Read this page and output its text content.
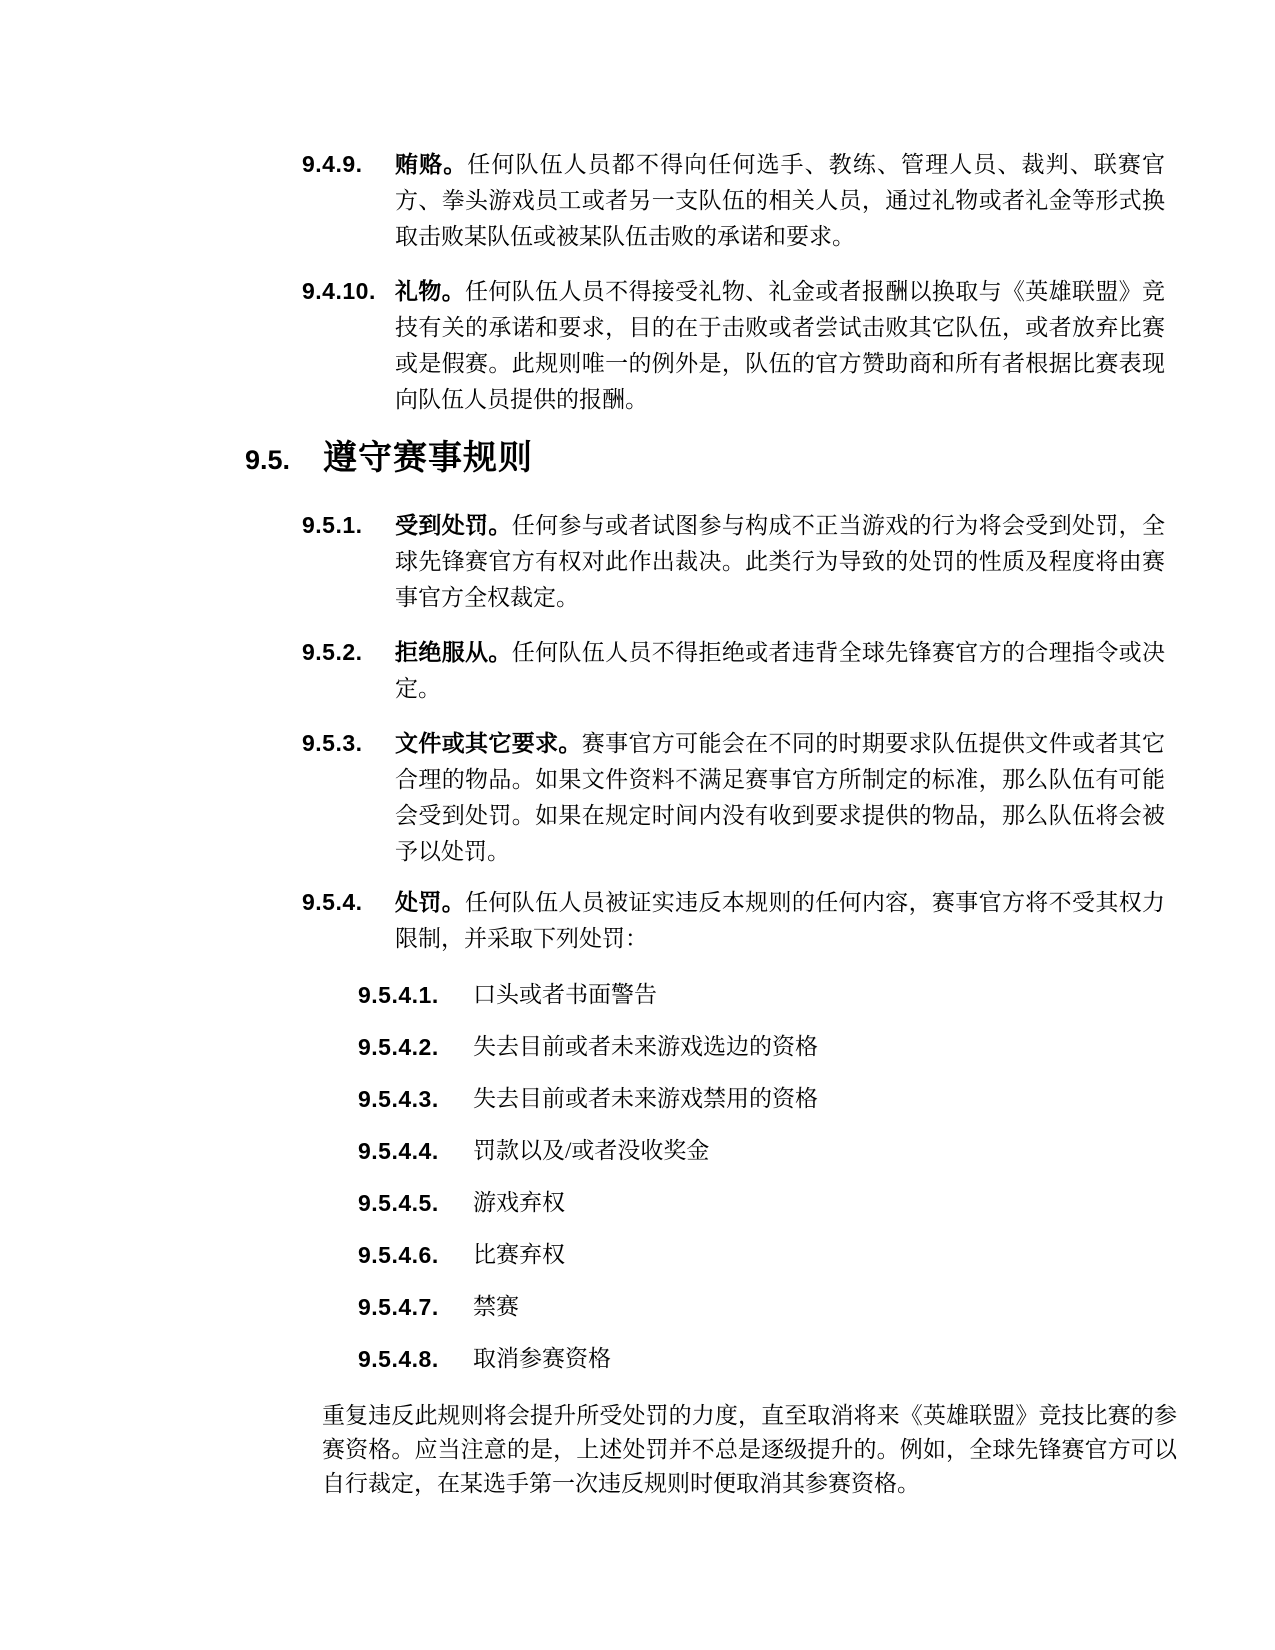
9.4.9.	贿赂。任何队伍人员都不得向任何选手、教练、管理人员、裁判、联赛官方、拳头游戏员工或者另一支队伍的相关人员，通过礼物或者礼金等形式换取击败某队伍或被某队伍击败的承诺和要求。
9.4.10. 礼物。任何队伍人员不得接受礼物、礼金或者报酬以换取与《英雄联盟》竞技有关的承诺和要求，目的在于击败或者尝试击败其它队伍，或者放弃比赛或是假赛。此规则唯一的例外是，队伍的官方赞助商和所有者根据比赛表现向队伍人员提供的报酬。
9.5. 遵守赛事规则
9.5.1.	受到处罚。任何参与或者试图参与构成不正当游戏的行为将会受到处罚，全球先锋赛官方有权对此作出裁决。此类行为导致的处罚的性质及程度将由赛事官方全权裁定。
9.5.2.	拒绝服从。任何队伍人员不得拒绝或者违背全球先锋赛官方的合理指令或决定。
9.5.3.	文件或其它要求。赛事官方可能会在不同的时期要求队伍提供文件或者其它合理的物品。如果文件资料不满足赛事官方所制定的标准，那么队伍有可能会受到处罚。如果在规定时间内没有收到要求提供的物品，那么队伍将会被予以处罚。
9.5.4.	处罚。任何队伍人员被证实违反本规则的任何内容，赛事官方将不受其权力限制，并采取下列处罚：
9.5.4.1.	口头或者书面警告
9.5.4.2.	失去目前或者未来游戏选边的资格
9.5.4.3.	失去目前或者未来游戏禁用的资格
9.5.4.4.	罚款以及/或者没收奖金
9.5.4.5.	游戏弃权
9.5.4.6.	比赛弃权
9.5.4.7.	禁赛
9.5.4.8.	取消参赛资格
重复违反此规则将会提升所受处罚的力度，直至取消将来《英雄联盟》竞技比赛的参赛资格。应当注意的是，上述处罚并不总是逐级提升的。例如，全球先锋赛官方可以自行裁定，在某选手第一次违反规则时便取消其参赛资格。
